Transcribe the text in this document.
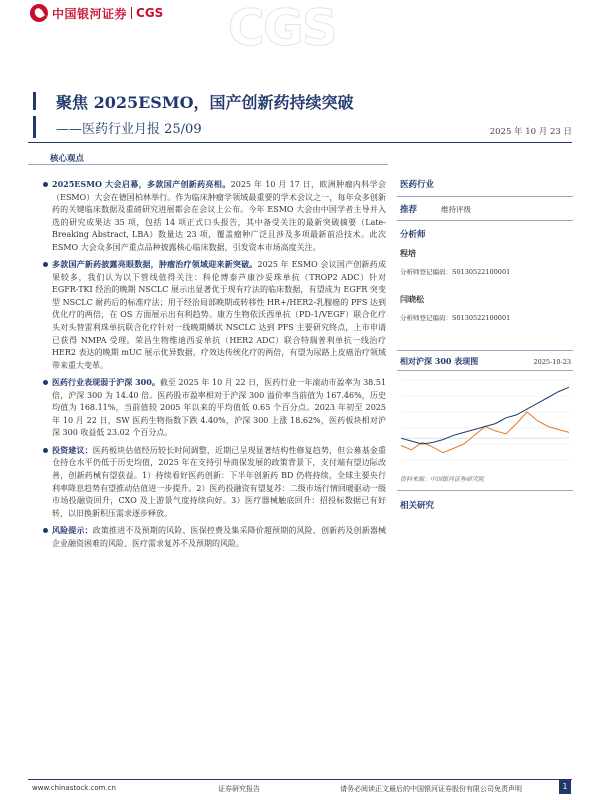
中国银河证券 CGS CGS
聚焦 2025ESMO，国产创新药持续突破
——医药行业月报 25/09	2025 年 10 月 23 日
核心观点

2025ESMO 大会启幕，多款国产创新药亮相。2025 年 10 月 17 日，欧洲肿瘤内科学会（ESMO）大会在德国柏林举行。作为临床肿瘤学领域最重要的学术会议之一，每年众多创新药的关键临床数据及重磅研究进展都会在会议上公布。今年 ESMO 大会由中国学者主导并入选的研究成果达 35 项，包括 14 项正式口头报告，其中备受关注的最新突破摘要（Late-Breaking Abstract, LBA）数量达 23 项，覆盖瘤种广泛且涉及多项最新前沿技术。此次 ESMO 大会众多国产重点品种披露核心临床数据，引发资本市场高度关注。

多款国产新药披露亮眼数据，肿瘤治疗领域迎来新突破。2025 年 ESMO 会议国产创新药成果较多，我们认为以下管线值得关注：科伦博泰芦康沙妥珠单抗（TROP2 ADC）针对 EGFR-TKI 经治的晚期 NSCLC 展示出显著优于现有疗法的临床数据，有望成为 EGFR 突变型 NSCLC 耐药后的标准疗法；用于经治局部晚期或转移性 HR+/HER2-乳腺癌的 PFS 达到优化疗的两倍，在 OS 方面展示出有利趋势。康方生物依沃西单抗（PD-1/VEGF）联合化疗头对头替雷利珠单抗联合化疗针对一线晚期鳞状 NSCLC 达到 PFS 主要研究终点，上市申请已获得 NMPA 受理。荣昌生物维迪西妥单抗（HER2 ADC）联合特瑞普利单抗一线治疗 HER2 表达的晚期 mUC 展示优异数据，疗效达传统化疗的两倍，有望为尿路上皮癌治疗领域带来重大变革。

医药行业表现弱于沪深 300。截至 2025 年 10 月 22 日，医药行业一年滚动市盈率为 38.51 倍，沪深 300 为 14.40 倍。医药股市盈率相对于沪深 300 溢价率当前值为 167.46%，历史均值为 168.11%，当前值较 2005 年以来的平均值低 0.65 个百分点。2023 年初至 2025 年 10 月 22 日，SW 医药生物指数下跌 4.40%，沪深 300 上涨 18.62%，医药板块相对沪深 300 收益低 23.02 个百分点。

投资建议：医药板块估值经历较长时间调整，近期已呈现显著结构性修复趋势，但公募基金重仓持仓水平仍低于历史均值，2025 年在支持引导商保发展的政策背景下，支付端有望边际改善，创新药械有望获益。1）持续看好医药创新：下半年创新药 BD 仍将持续，全球主要央行利率降息趋势有望推动估值进一步提升。2）医药投融资有望复苏：二级市场行情回暖驱动一级市场投融资回升，CXO 及上游景气度持续向好。3）医疗器械触底回升：招投标数据已有好转，以旧换新积压需求逐步释放。

风险提示：政策推进不及预期的风险、医保控费及集采降价超预期的风险、创新药及创新器械企业融资困难的风险、医疗需求复苏不及预期的风险。

医药行业
推荐	维持评级
分析师
程培
分析师登记编码：S0130522100001
闫晓松
分析师登记编码：S0130522100001
相对沪深 300 表现图	2025-10-23
资料来源：中国银河证券研究院
相关研究
www.chinastock.com.cn	证券研究报告	请务必阅读正文最后的中国银河证券股份有限公司免责声明	1
